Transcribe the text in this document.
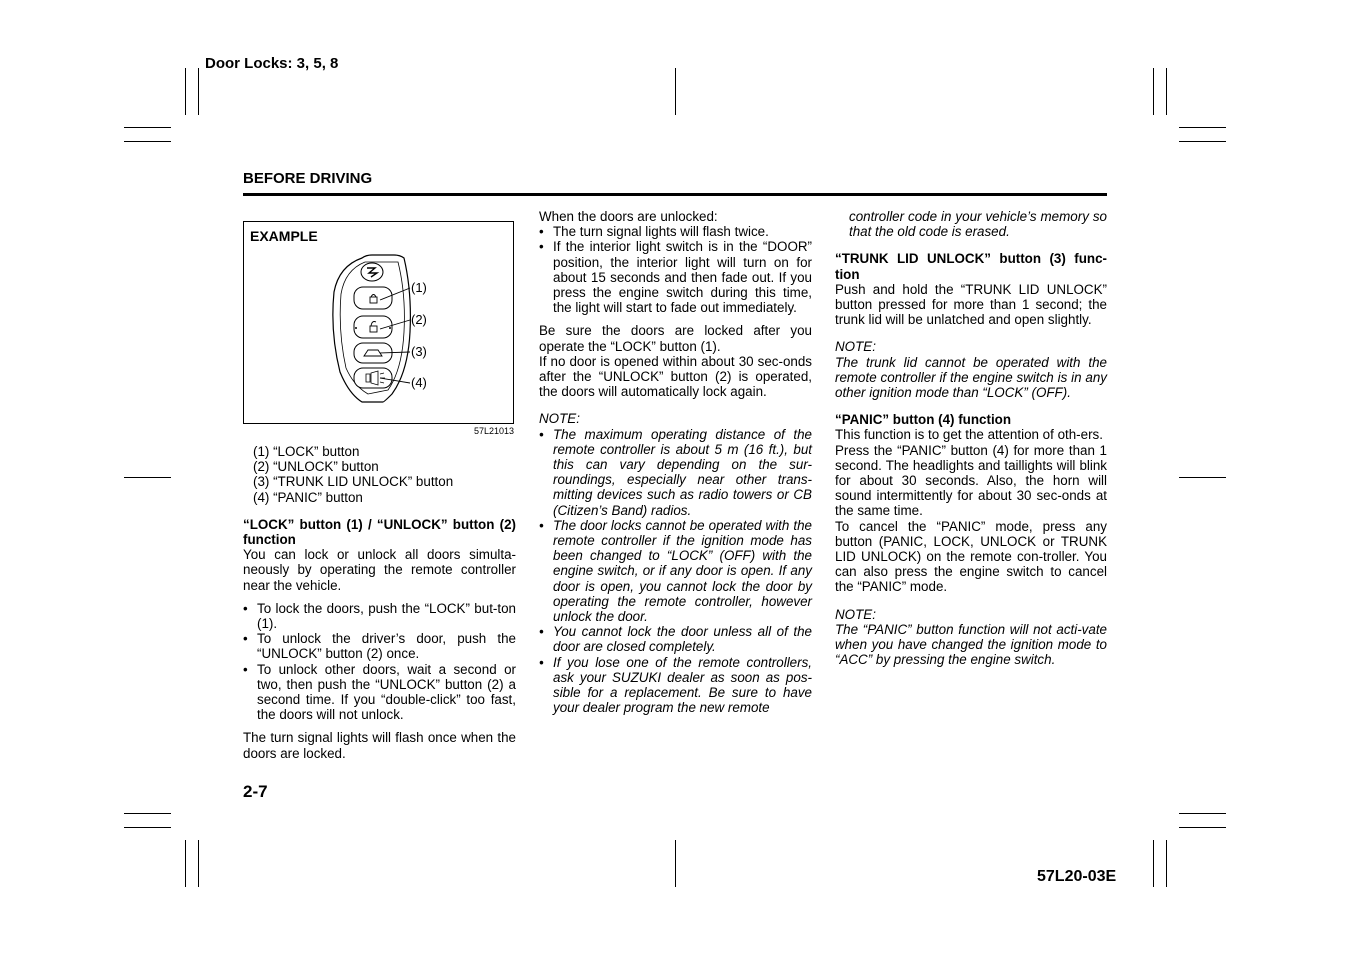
Door Locks: 3, 5, 8
BEFORE DRIVING
EXAMPLE
(1)
(2)
(3)
(4)
57L21013

(1) “LOCK” button

(2) “UNLOCK” button

(3) “TRUNK LID UNLOCK” button

(4) “PANIC” button

“LOCK” button (1) / “UNLOCK” button (2) function

You can lock or unlock all doors simulta-neously by operating the remote controller near the vehicle.

• To lock the doors, push the “LOCK” but-ton (1).
• To unlock the driver’s door, push the “UNLOCK” button (2) once.
• To unlock other doors, wait a second or two, then push the “UNLOCK” button (2) a second time. If you “double-click” too fast, the doors will not unlock.

The turn signal lights will flash once when the doors are locked.

When the doors are unlocked:

• The turn signal lights will flash twice.
• If the interior light switch is in the “DOOR” position, the interior light will turn on for about 15 seconds and then fade out. If you press the engine switch during this time, the light will start to fade out immediately.

Be sure the doors are locked after you operate the “LOCK” button (1).

If no door is opened within about 30 sec-onds after the “UNLOCK” button (2) is operated, the doors will automatically lock again.

NOTE:

• The maximum operating distance of the remote controller is about 5 m (16 ft.), but this can vary depending on the sur-roundings, especially near other trans-mitting devices such as radio towers or CB (Citizen’s Band) radios.
• The door locks cannot be operated with the remote controller if the ignition mode has been changed to “LOCK” (OFF) with the engine switch, or if any door is open. If any door is open, you cannot lock the door by operating the remote controller, however unlock the door.
• You cannot lock the door unless all of the door are closed completely.
• If you lose one of the remote controllers, ask your SUZUKI dealer as soon as pos-sible for a replacement. Be sure to have your dealer program the new remote

controller code in your vehicle’s memory so that the old code is erased.

“TRUNK LID UNLOCK” button (3) func-tion

Push and hold the “TRUNK LID UNLOCK” button pressed for more than 1 second; the trunk lid will be unlatched and open slightly.

NOTE:

The trunk lid cannot be operated with the remote controller if the engine switch is in any other ignition mode than “LOCK” (OFF).

“PANIC” button (4) function

This function is to get the attention of oth-ers.

Press the “PANIC” button (4) for more than 1 second. The headlights and taillights will blink for about 30 seconds. Also, the horn will sound intermittently for about 30 sec-onds at the same time.

To cancel the “PANIC” mode, press any button (PANIC, LOCK, UNLOCK or TRUNK LID UNLOCK) on the remote con-troller. You can also press the engine switch to cancel the “PANIC” mode.

NOTE:

The “PANIC” button function will not acti-vate when you have changed the ignition mode to “ACC” by pressing the engine switch.

2-7
57L20-03E
